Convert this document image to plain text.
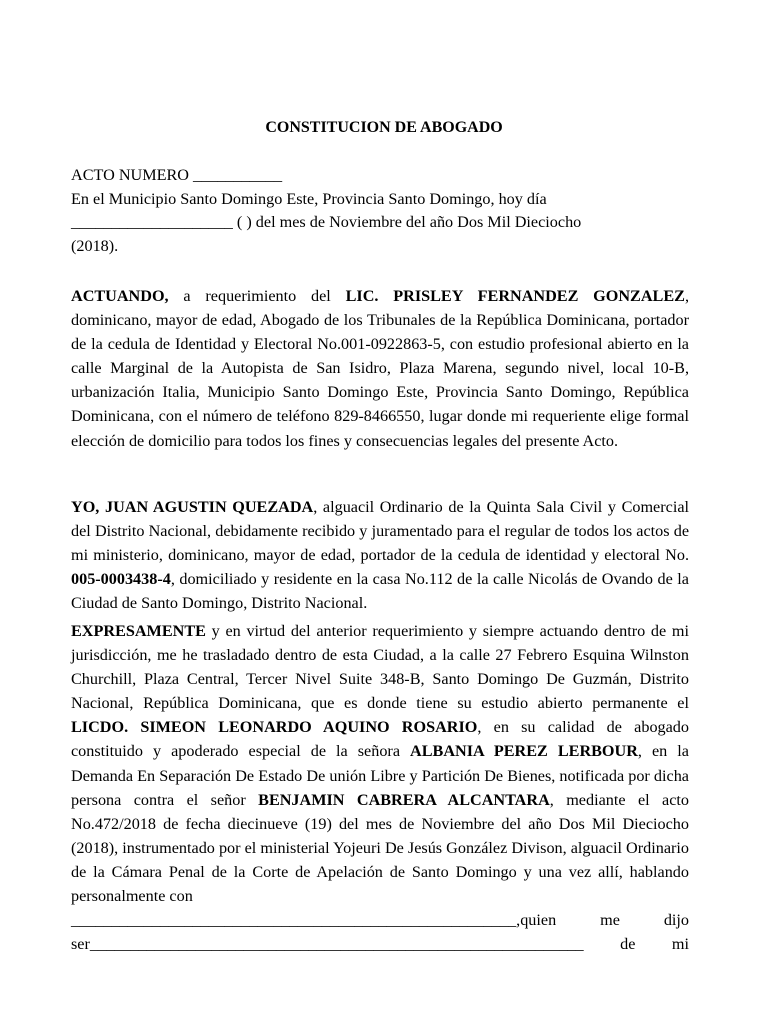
CONSTITUCION DE ABOGADO
ACTO NUMERO ___________
En el Municipio Santo Domingo Este, Provincia Santo Domingo, hoy día
____________________ ( ) del mes de Noviembre del año Dos Mil Dieciocho
(2018).
ACTUANDO, a requerimiento del LIC. PRISLEY FERNANDEZ GONZALEZ, dominicano, mayor de edad, Abogado de los Tribunales de la República Dominicana, portador de la cedula de Identidad y Electoral No.001-0922863-5, con estudio profesional abierto en la calle Marginal de la Autopista de San Isidro, Plaza Marena, segundo nivel, local 10-B, urbanización Italia, Municipio Santo Domingo Este, Provincia Santo Domingo, República Dominicana, con el número de teléfono 829-8466550, lugar donde mi requeriente elige formal elección de domicilio para todos los fines y consecuencias legales del presente Acto.
YO, JUAN AGUSTIN QUEZADA, alguacil Ordinario de la Quinta Sala Civil y Comercial del Distrito Nacional, debidamente recibido y juramentado para el regular de todos los actos de mi ministerio, dominicano, mayor de edad, portador de la cedula de identidad y electoral No. 005-0003438-4, domiciliado y residente en la casa No.112 de la calle Nicolás de Ovando de la Ciudad de Santo Domingo, Distrito Nacional.
EXPRESAMENTE y en virtud del anterior requerimiento y siempre actuando dentro de mi jurisdicción, me he trasladado dentro de esta Ciudad, a la calle 27 Febrero Esquina Wilnston Churchill, Plaza Central, Tercer Nivel Suite 348-B, Santo Domingo De Guzmán, Distrito Nacional, República Dominicana, que es donde tiene su estudio abierto permanente el LICDO. SIMEON LEONARDO AQUINO ROSARIO, en su calidad de abogado constituido y apoderado especial de la señora ALBANIA PEREZ LERBOUR, en la Demanda En Separación De Estado De unión Libre y Partición De Bienes, notificada por dicha persona contra el señor BENJAMIN CABRERA ALCANTARA, mediante el acto No.472/2018 de fecha diecinueve (19) del mes de Noviembre del año Dos Mil Dieciocho (2018), instrumentado por el ministerial Yojeuri De Jesús González Divison, alguacil Ordinario de la Cámara Penal de la Corte de Apelación de Santo Domingo y una vez allí, hablando personalmente con
_______________________________________________________,quien me dijo
ser_____________________________________________________________ de mi
